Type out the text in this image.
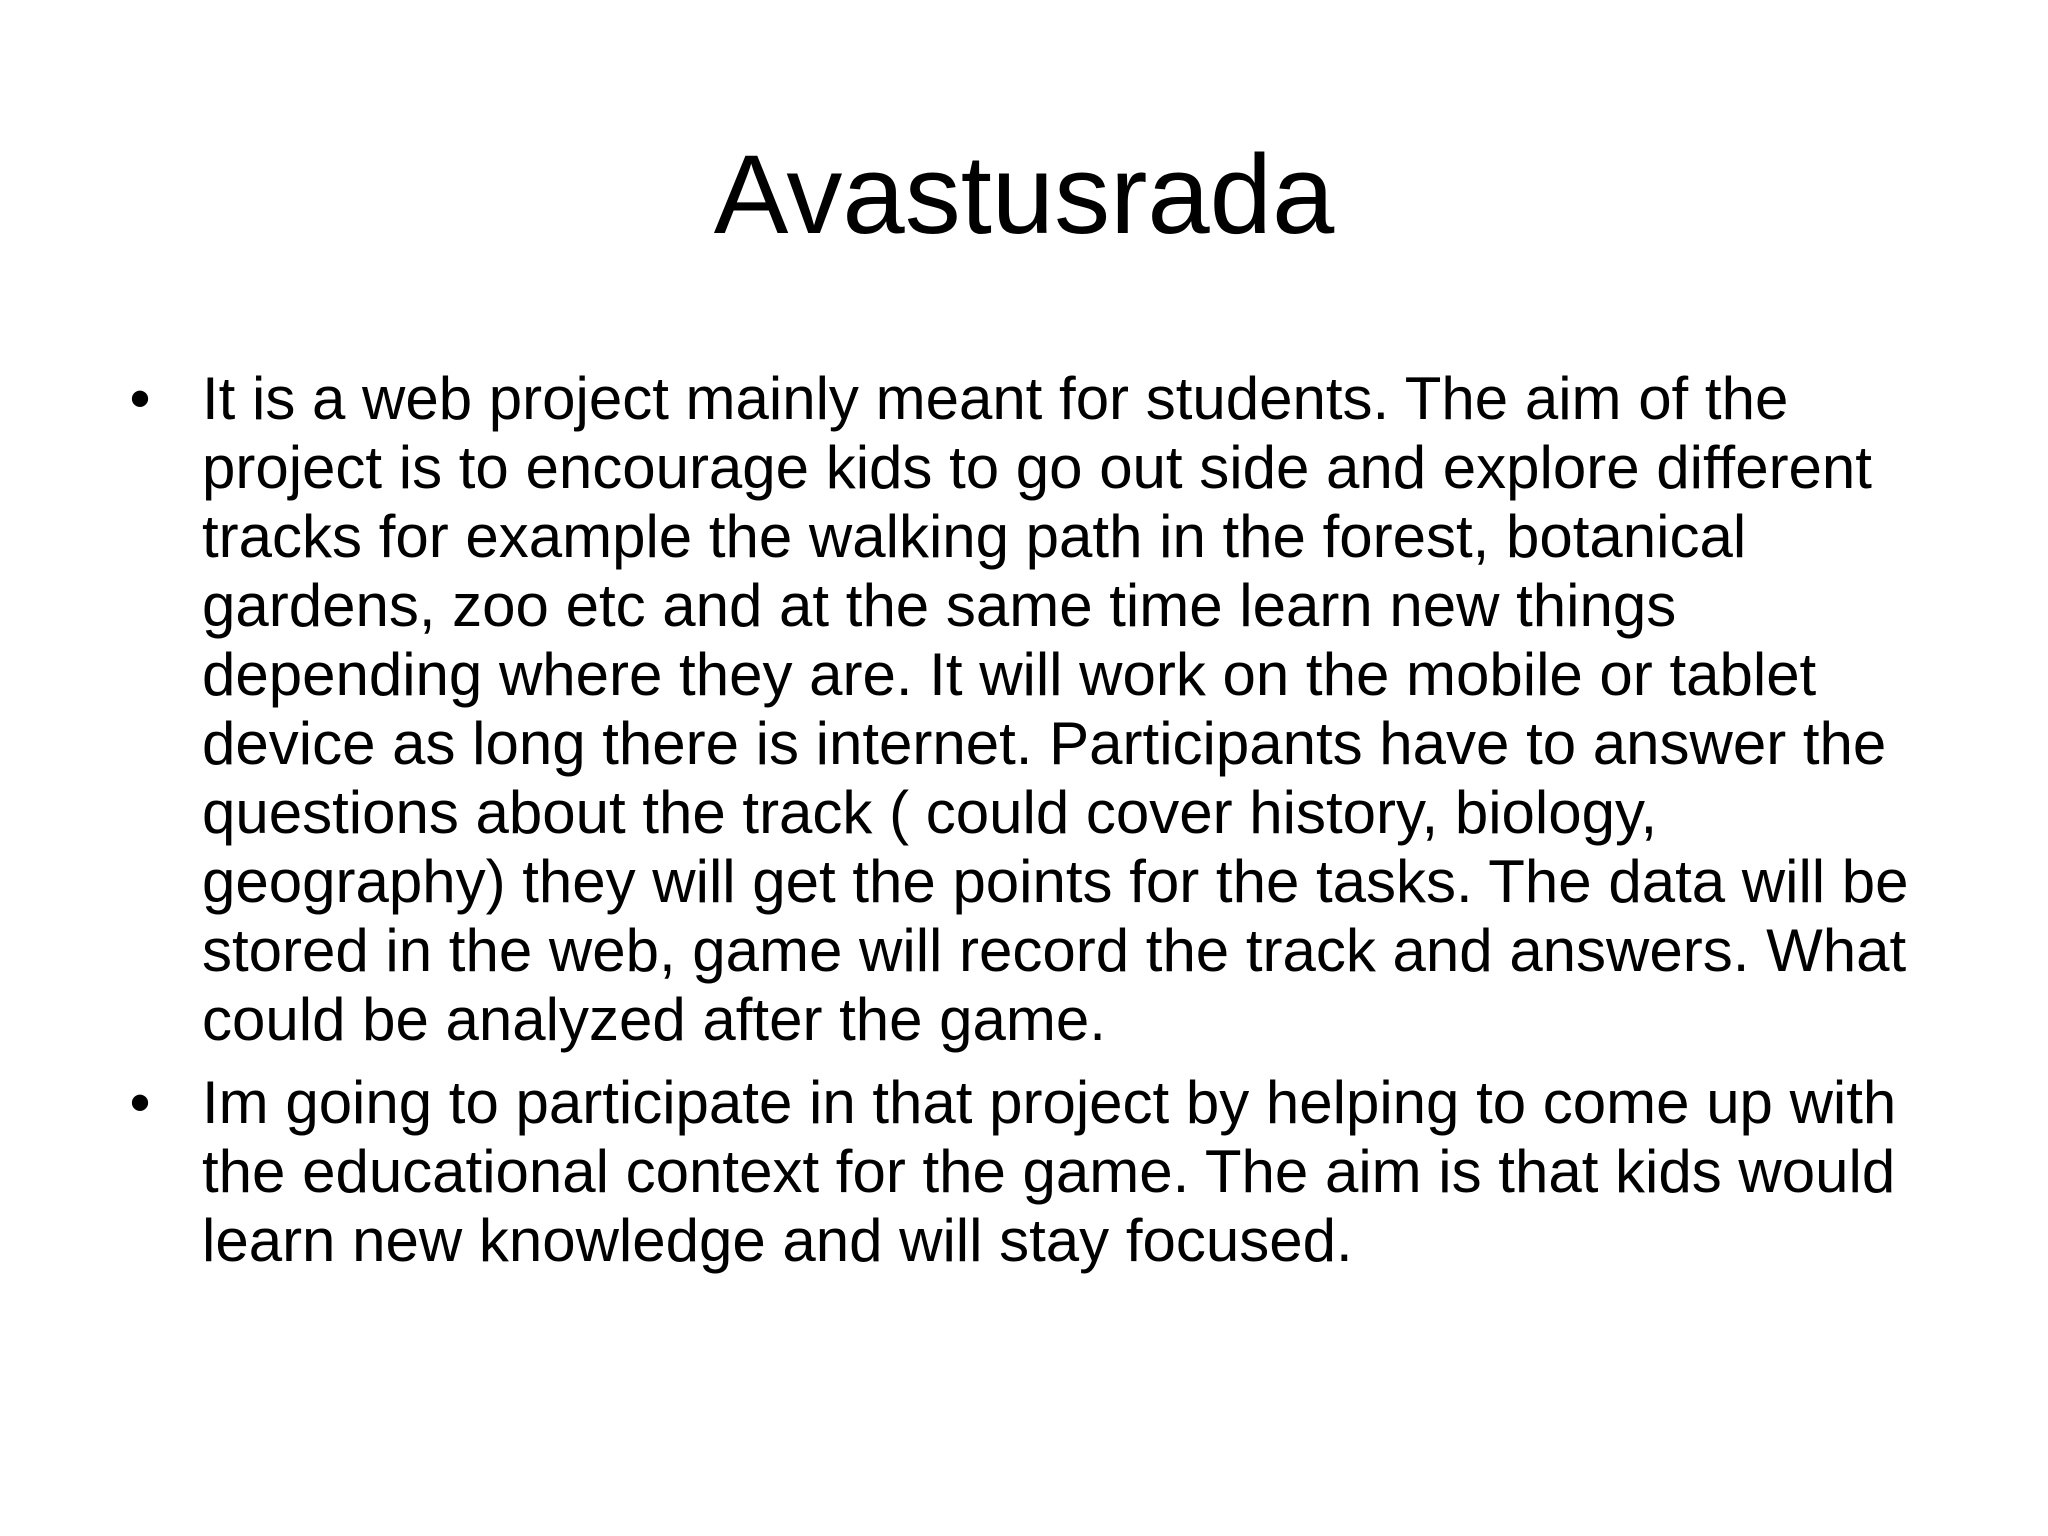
Avastusrada
• It is a web project mainly meant for students. The aim of the project is to encourage kids to go out side and explore different tracks for example the walking path in the forest, botanical gardens, zoo etc and at the same time learn new things depending where they are. It will work on the mobile or tablet device as long there is internet. Participants have to answer the questions about the track ( could cover history, biology, geography) they will get the points for the tasks. The data will be stored in the web, game will record the track and answers. What could be analyzed after the game.
• Im going to participate in that project by helping to come up with the educational context for the game. The aim is that kids would learn new knowledge and will stay focused.
